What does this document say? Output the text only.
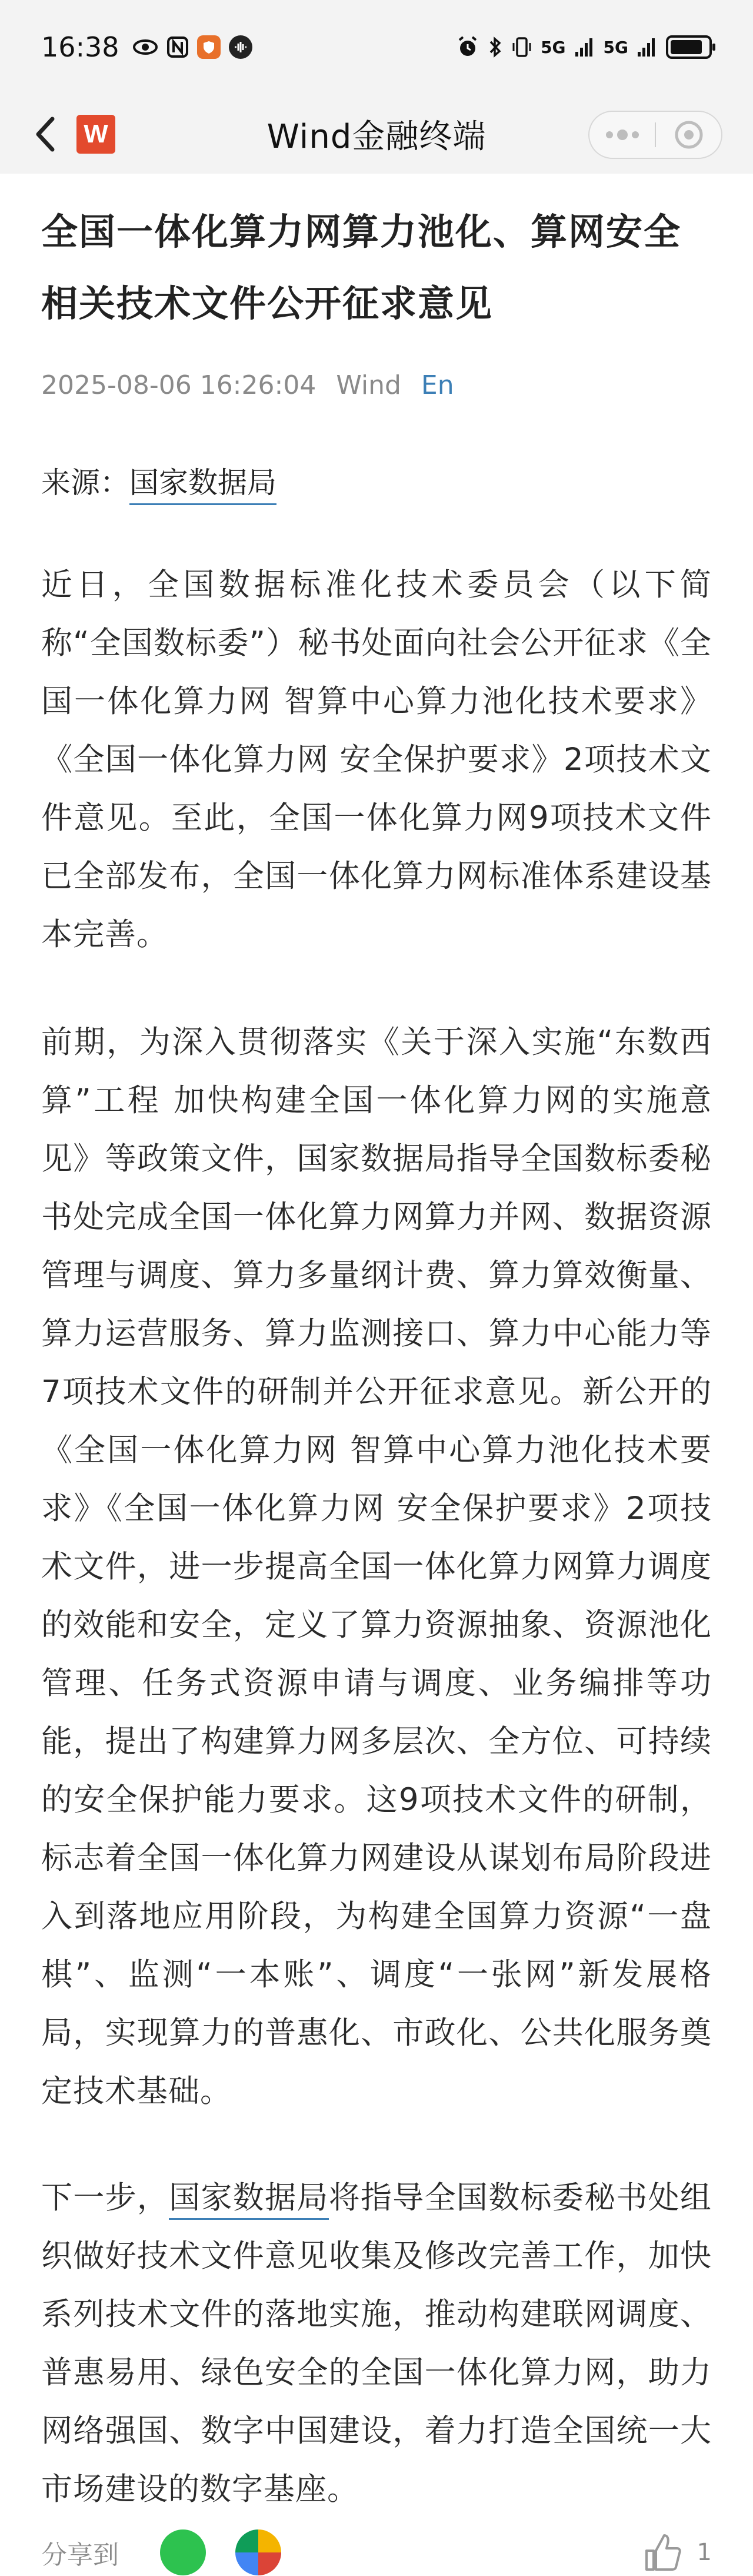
16:38	5G 5G
Wind金融终端
W
全国一体化算力网算力池化、算网安全
相关技术文件公开征求意见
2025-08-06 16:26:04 Wind En
来源：国家数据局

近日，全国数据标准化技术委员会（以下简称“全国数标委”）秘书处面向社会公开征求《全国一体化算力网 智算中心算力池化技术要求》《全国一体化算力网 安全保护要求》2项技术文件意见。至此，全国一体化算力网9项技术文件已全部发布，全国一体化算力网标准体系建设基本完善。

前期，为深入贯彻落实《关于深入实施“东数西算”工程 加快构建全国一体化算力网的实施意见》等政策文件，国家数据局指导全国数标委秘书处完成全国一体化算力网算力并网、数据资源管理与调度、算力多量纲计费、算力算效衡量、算力运营服务、算力监测接口、算力中心能力等7项技术文件的研制并公开征求意见。新公开的《全国一体化算力网 智算中心算力池化技术要求》《全国一体化算力网 安全保护要求》2项技术文件，进一步提高全国一体化算力网算力调度的效能和安全，定义了算力资源抽象、资源池化管理、任务式资源申请与调度、业务编排等功能，提出了构建算力网多层次、全方位、可持续的安全保护能力要求。这9项技术文件的研制，标志着全国一体化算力网建设从谋划布局阶段进入到落地应用阶段，为构建全国算力资源“一盘棋”、监测“一本账”、调度“一张网”新发展格局，实现算力的普惠化、市政化、公共化服务奠定技术基础。

下一步，国家数据局将指导全国数标委秘书处组织做好技术文件意见收集及修改完善工作，加快系列技术文件的落地实施，推动构建联网调度、普惠易用、绿色安全的全国一体化算力网，助力网络强国、数字中国建设，着力打造全国统一大市场建设的数字基座。

分享到	1
